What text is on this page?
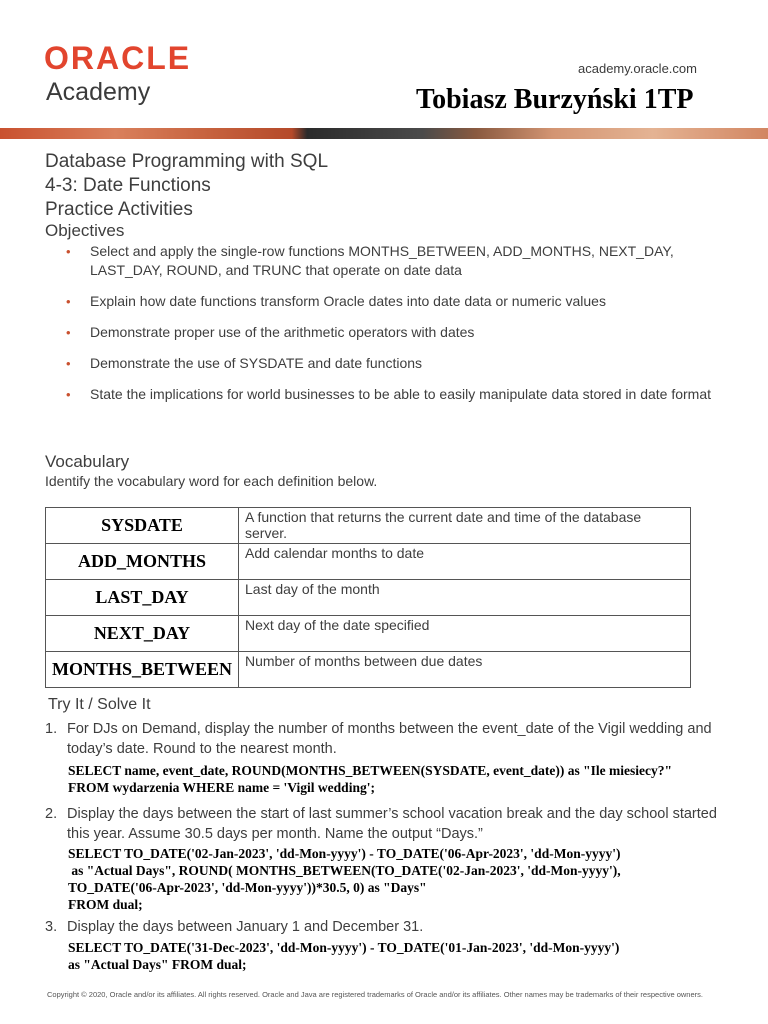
ORACLE
Academy
academy.oracle.com
Tobiasz Burzyński 1TP
Database Programming with SQL
4-3: Date Functions
Practice Activities
Objectives
• Select and apply the single-row functions MONTHS_BETWEEN, ADD_MONTHS, NEXT_DAY, LAST_DAY, ROUND, and TRUNC that operate on date data
• Explain how date functions transform Oracle dates into date data or numeric values
• Demonstrate proper use of the arithmetic operators with dates
• Demonstrate the use of SYSDATE and date functions
• State the implications for world businesses to be able to easily manipulate data stored in date format
Vocabulary
Identify the vocabulary word for each definition below.
SYSDATE	A function that returns the current date and time of the database server.
ADD_MONTHS	Add calendar months to date
LAST_DAY	Last day of the month
NEXT_DAY	Next day of the date specified
MONTHS_BETWEEN	Number of months between due dates
Try It / Solve It
1. For DJs on Demand, display the number of months between the event_date of the Vigil wedding and today’s date. Round to the nearest month.
SELECT name, event_date, ROUND(MONTHS_BETWEEN(SYSDATE, event_date)) as "Ile miesiecy?"
FROM wydarzenia WHERE name = 'Vigil wedding';
2. Display the days between the start of last summer’s school vacation break and the day school started this year. Assume 30.5 days per month. Name the output “Days.”
SELECT TO_DATE('02-Jan-2023', 'dd-Mon-yyyy') - TO_DATE('06-Apr-2023', 'dd-Mon-yyyy')
as "Actual Days", ROUND( MONTHS_BETWEEN(TO_DATE('02-Jan-2023', 'dd-Mon-yyyy'),
TO_DATE('06-Apr-2023', 'dd-Mon-yyyy'))*30.5, 0) as "Days"
FROM dual;
3. Display the days between January 1 and December 31.
SELECT TO_DATE('31-Dec-2023', 'dd-Mon-yyyy') - TO_DATE('01-Jan-2023', 'dd-Mon-yyyy')
as "Actual Days" FROM dual;
Copyright © 2020, Oracle and/or its affiliates. All rights reserved. Oracle and Java are registered trademarks of Oracle and/or its affiliates. Other names may be trademarks of their respective owners.
